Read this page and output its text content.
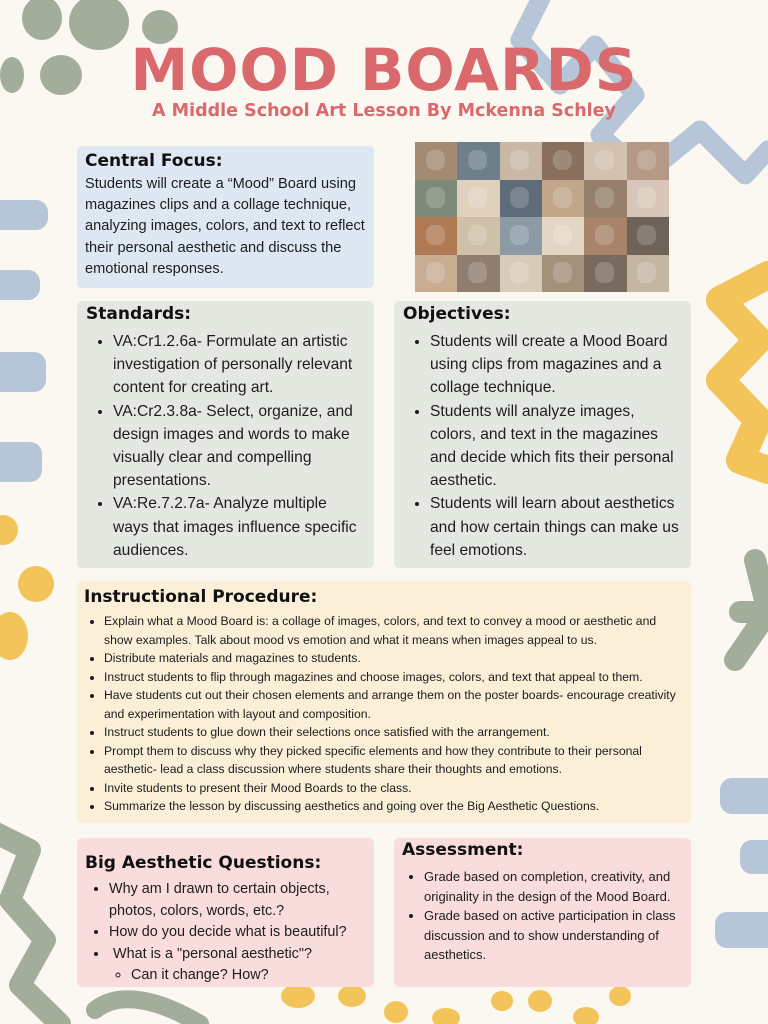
MOOD BOARDS
A Middle School Art Lesson By Mckenna Schley
Central Focus:

Students will create a “Mood” Board using magazines clips and a collage technique, analyzing images, colors, and text to reflect their personal aesthetic and discuss the emotional responses.

Standards:
• VA:Cr1.2.6a- Formulate an artistic investigation of personally relevant content for creating art.
• VA:Cr2.3.8a- Select, organize, and design images and words to make visually clear and compelling presentations.
• VA:Re.7.2.7a- Analyze multiple ways that images influence specific audiences.
Objectives:
• Students will create a Mood Board using clips from magazines and a collage technique.
• Students will analyze images, colors, and text in the magazines and decide which fits their personal aesthetic.
• Students will learn about aesthetics and how certain things can make us feel emotions.
Instructional Procedure:
• Explain what a Mood Board is: a collage of images, colors, and text to convey a mood or aesthetic and show examples. Talk about mood vs emotion and what it means when images appeal to us.
• Distribute materials and magazines to students.
• Instruct students to flip through magazines and choose images, colors, and text that appeal to them.
• Have students cut out their chosen elements and arrange them on the poster boards- encourage creativity and experimentation with layout and composition.
• Instruct students to glue down their selections once satisfied with the arrangement.
• Prompt them to discuss why they picked specific elements and how they contribute to their personal aesthetic- lead a class discussion where students share their thoughts and emotions.
• Invite students to present their Mood Boards to the class.
• Summarize the lesson by discussing aesthetics and going over the Big Aesthetic Questions.
Big Aesthetic Questions:
• Why am I drawn to certain objects, photos, colors, words, etc.?
• How do you decide what is beautiful?
•  What is a "personal aesthetic"?
◦ Can it change? How?
Assessment:
• Grade based on completion, creativity, and originality in the design of the Mood Board.
• Grade based on active participation in class discussion and to show understanding of aesthetics.
